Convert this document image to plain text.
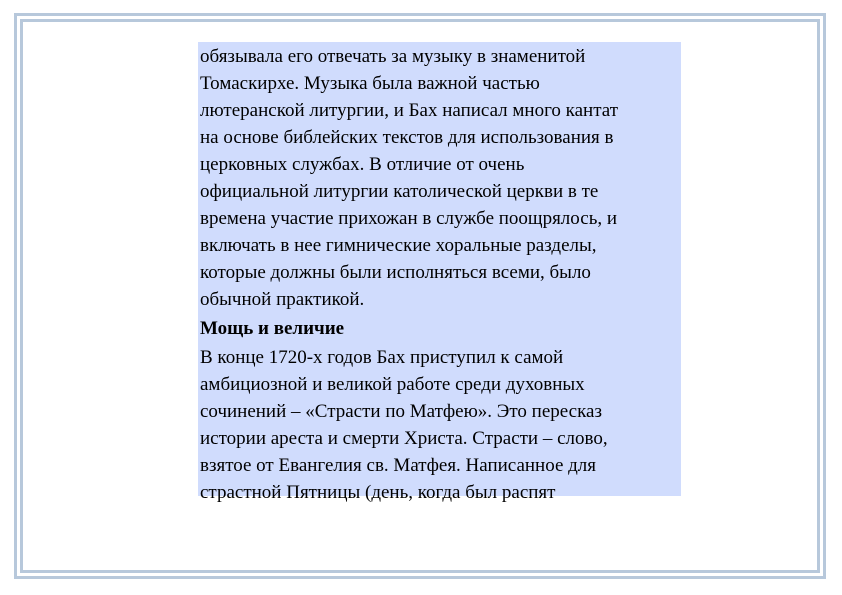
обязывала его отвечать за музыку в знаменитой
Томаскирхе. Музыка была важной частью
лютеранской литургии, и Бах написал много кантат
на основе библейских текстов для использования в
церковных службах. В отличие от очень
официальной литургии католической церкви в те
времена участие прихожан в службе поощрялось, и
включать в нее гимнические хоральные разделы,
которые должны были исполняться всеми, было
обычной практикой.
Мощь и величие
В конце 1720-х годов Бах приступил к самой
амбициозной и великой работе среди духовных
сочинений – «Страсти по Матфею». Это пересказ
истории ареста и смерти Христа. Страсти – слово,
взятое от Евангелия св. Матфея. Написанное для
страстной Пятницы (день, когда был распят
